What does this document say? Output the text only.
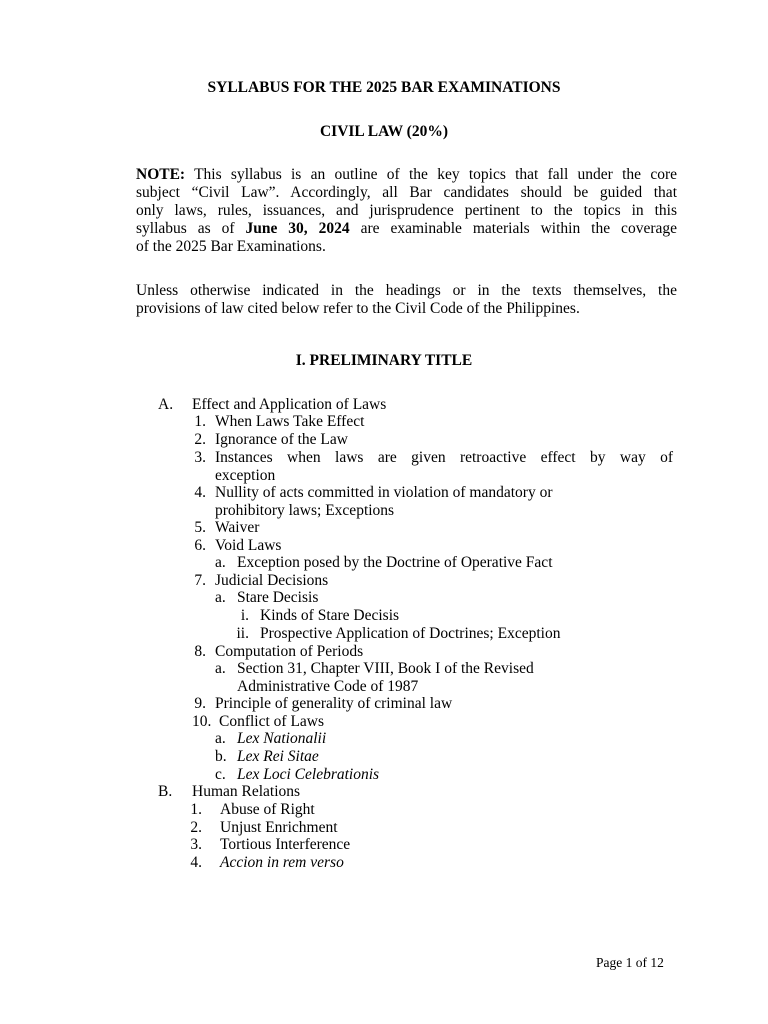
SYLLABUS FOR THE 2025 BAR EXAMINATIONS
CIVIL LAW (20%)
NOTE: This syllabus is an outline of the key topics that fall under the core
subject “Civil Law”. Accordingly, all Bar candidates should be guided that
only laws, rules, issuances, and jurisprudence pertinent to the topics in this
syllabus as of June 30, 2024 are examinable materials within the coverage
of the 2025 Bar Examinations.
Unless otherwise indicated in the headings or in the texts themselves, the
provisions of law cited below refer to the Civil Code of the Philippines.
I. PRELIMINARY TITLE
A. Effect and Application of Laws
1. When Laws Take Effect
2. Ignorance of the Law
3. Instances when laws are given retroactive effect by way of
exception
4. Nullity of acts committed in violation of mandatory or
prohibitory laws; Exceptions
5. Waiver
6. Void Laws
a. Exception posed by the Doctrine of Operative Fact
7. Judicial Decisions
a. Stare Decisis
i. Kinds of Stare Decisis
ii. Prospective Application of Doctrines; Exception
8. Computation of Periods
a. Section 31, Chapter VIII, Book I of the Revised
Administrative Code of 1987
9. Principle of generality of criminal law
10. Conflict of Laws
a. Lex Nationalii
b. Lex Rei Sitae
c. Lex Loci Celebrationis
B. Human Relations
1. Abuse of Right
2. Unjust Enrichment
3. Tortious Interference
4. Accion in rem verso
Page 1 of 12
